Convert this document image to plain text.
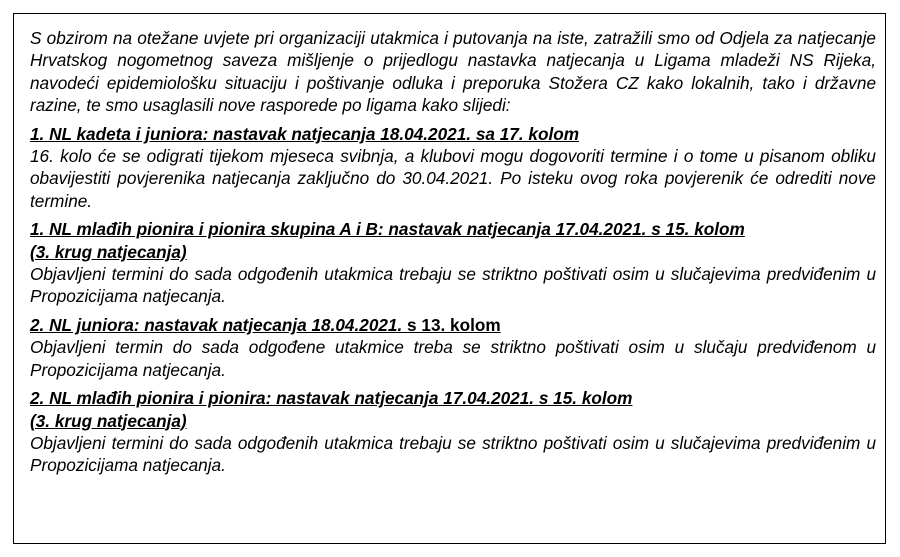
S obzirom na otežane uvjete pri organizaciji utakmica i putovanja na iste, zatražili smo od Odjela za natjecanje Hrvatskog nogometnog saveza mišljenje o prijedlogu nastavka natjecanja u Ligama mladeži NS Rijeka, navodeći epidemiološku situaciju i poštivanje odluka i preporuka Stožera CZ kako lokalnih, tako i državne razine, te smo usaglasili nove rasporede po ligama kako slijedi:

1. NL kadeta i juniora: nastavak natjecanja 18.04.2021. sa 17. kolom

16. kolo će se odigrati tijekom mjeseca svibnja, a klubovi mogu dogovoriti termine i o tome u pisanom obliku obavijestiti povjerenika natjecanja zaključno do 30.04.2021. Po isteku ovog roka povjerenik će odrediti nove termine.

1. NL mlađih pionira i pionira skupina A i B: nastavak natjecanja 17.04.2021. s 15. kolom
(3. krug natjecanja)

Objavljeni termini do sada odgođenih utakmica trebaju se striktno poštivati osim u slučajevima predviđenim u Propozicijama natjecanja.

2. NL juniora: nastavak natjecanja 18.04.2021. s 13. kolom

Objavljeni termin do sada odgođene utakmice treba se striktno poštivati osim u slučaju predviđenom u Propozicijama natjecanja.

2. NL mlađih pionira i pionira: nastavak natjecanja 17.04.2021. s 15. kolom
(3. krug natjecanja)

Objavljeni termini do sada odgođenih utakmica trebaju se striktno poštivati osim u slučajevima predviđenim u Propozicijama natjecanja.
